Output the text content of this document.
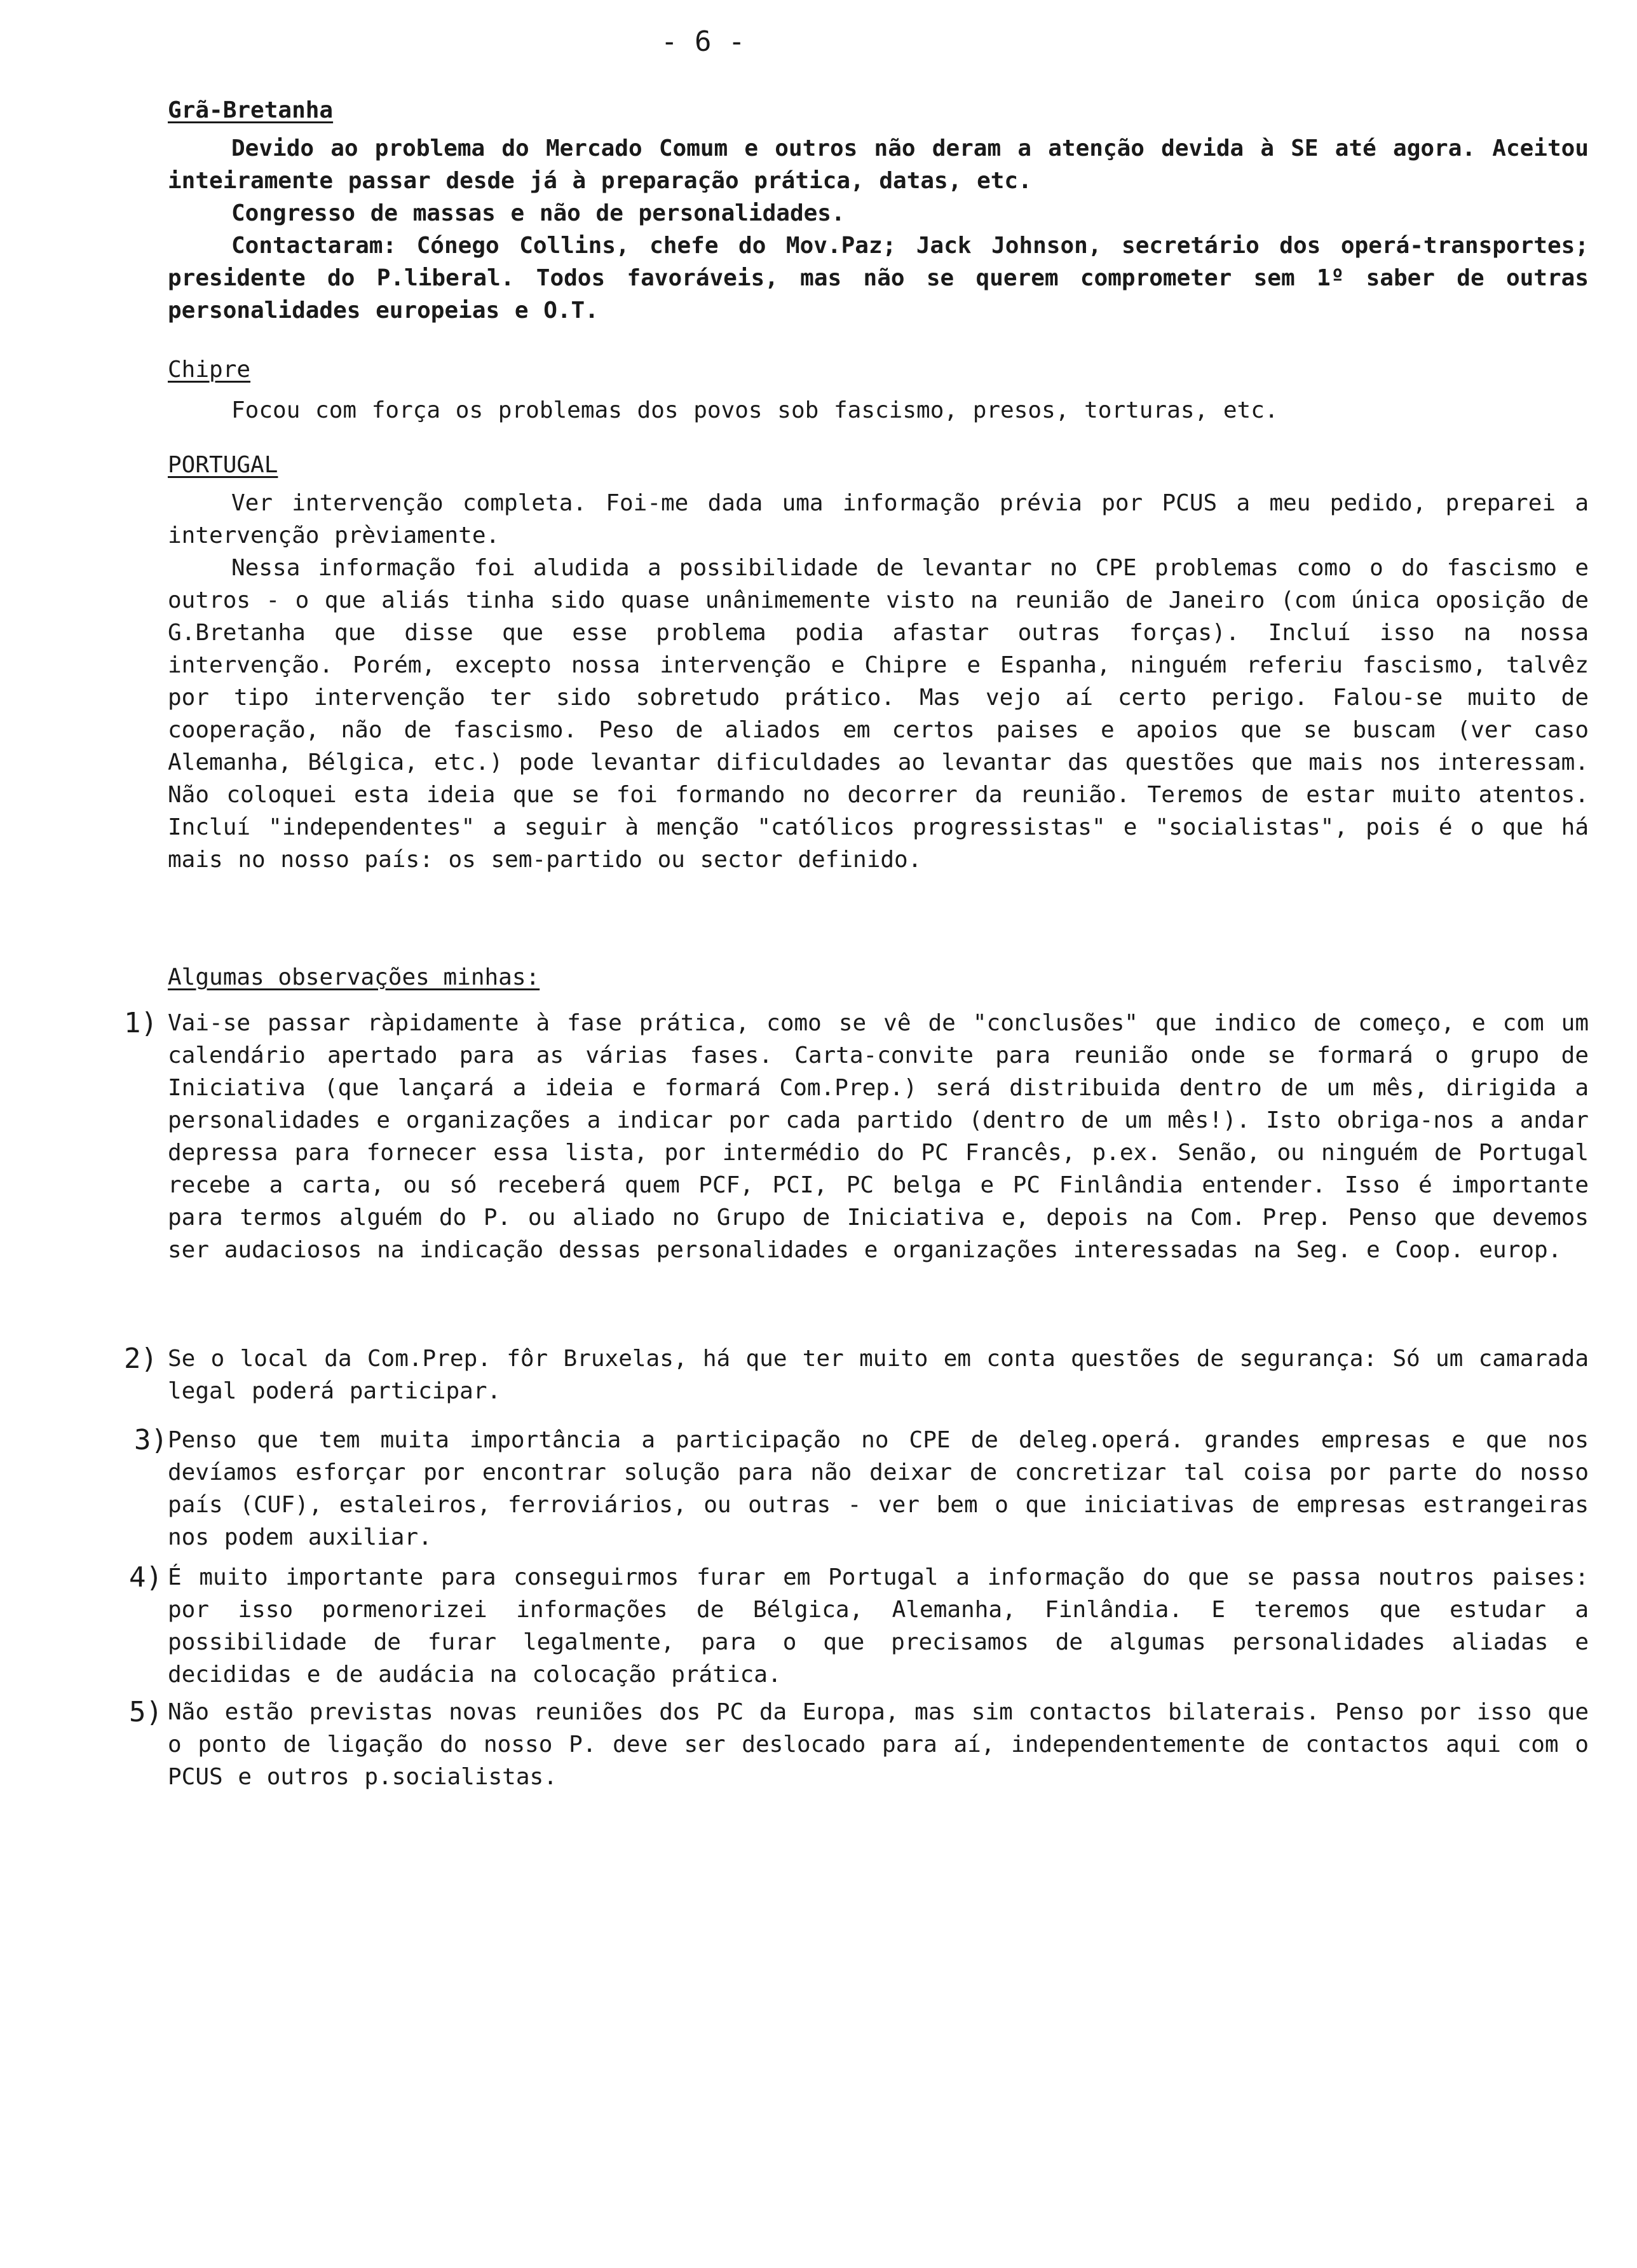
- 6 -
Grã-Bretanha
Devido ao problema do Mercado Comum e outros não deram a atenção devida à SE até agora. Aceitou inteiramente passar desde já à preparação prática, datas, etc.
Congresso de massas e não de personalidades.
Contactaram: Cónego Collins, chefe do Mov.Paz; Jack Johnson, secretário dos operá-transportes; presidente do P.liberal. Todos favoráveis, mas não se querem comprometer sem 1º saber de outras personalidades europeias e O.T.
Chipre
Focou com força os problemas dos povos sob fascismo, presos, torturas, etc.
PORTUGAL
Ver intervenção completa. Foi-me dada uma informação prévia por PCUS a meu pedido, preparei a intervenção prèviamente.
Nessa informação foi aludida a possibilidade de levantar no CPE problemas como o do fascismo e outros - o que aliás tinha sido quase unânimemente visto na reunião de Janeiro (com única oposição de G.Bretanha que disse que esse problema podia afastar outras forças). Incluí isso na nossa intervenção. Porém, excepto nossa intervenção e Chipre e Espanha, ninguém referiu fascismo, talvêz por tipo intervenção ter sido sobretudo prático. Mas vejo aí certo perigo. Falou-se muito de cooperação, não de fascismo. Peso de aliados em certos paises e apoios que se buscam (ver caso Alemanha, Bélgica, etc.) pode levantar dificuldades ao levantar das questões que mais nos interessam. Não coloquei esta ideia que se foi formando no decorrer da reunião. Teremos de estar muito atentos. Incluí "independentes" a seguir à menção "católicos progressistas" e "socialistas", pois é o que há mais no nosso país: os sem-partido ou sector definido.
Algumas observações minhas:
1) Vai-se passar ràpidamente à fase prática, como se vê de "conclusões" que indico de começo, e com um calendário apertado para as várias fases. Carta-convite para reunião onde se formará o grupo de Iniciativa (que lançará a ideia e formará Com.Prep.) será distribuida dentro de um mês, dirigida a personalidades e organizações a indicar por cada partido (dentro de um mês!). Isto obriga-nos a andar depressa para fornecer essa lista, por intermédio do PC Francês, p.ex. Senão, ou ninguém de Portugal recebe a carta, ou só receberá quem PCF, PCI, PC belga e PC Finlândia entender. Isso é importante para termos alguém do P. ou aliado no Grupo de Iniciativa e, depois na Com. Prep. Penso que devemos ser audaciosos na indicação dessas personalidades e organizações interessadas na Seg. e Coop. europ.
2) Se o local da Com.Prep. fôr Bruxelas, há que ter muito em conta questões de segurança: Só um camarada legal poderá participar.
3) Penso que tem muita importância a participação no CPE de deleg.operá. grandes empresas e que nos devíamos esforçar por encontrar solução para não deixar de concretizar tal coisa por parte do nosso país (CUF), estaleiros, ferroviários, ou outras - ver bem o que iniciativas de empresas estrangeiras nos podem auxiliar.
4) É muito importante para conseguirmos furar em Portugal a informação do que se passa noutros paises: por isso pormenorizei informações de Bélgica, Alemanha, Finlândia. E teremos que estudar a possibilidade de furar legalmente, para o que precisamos de algumas personalidades aliadas e decididas e de audácia na colocação prática.
5) Não estão previstas novas reuniões dos PC da Europa, mas sim contactos bilaterais. Penso por isso que o ponto de ligação do nosso P. deve ser deslocado para aí, independentemente de contactos aqui com o PCUS e outros p.socialistas.
